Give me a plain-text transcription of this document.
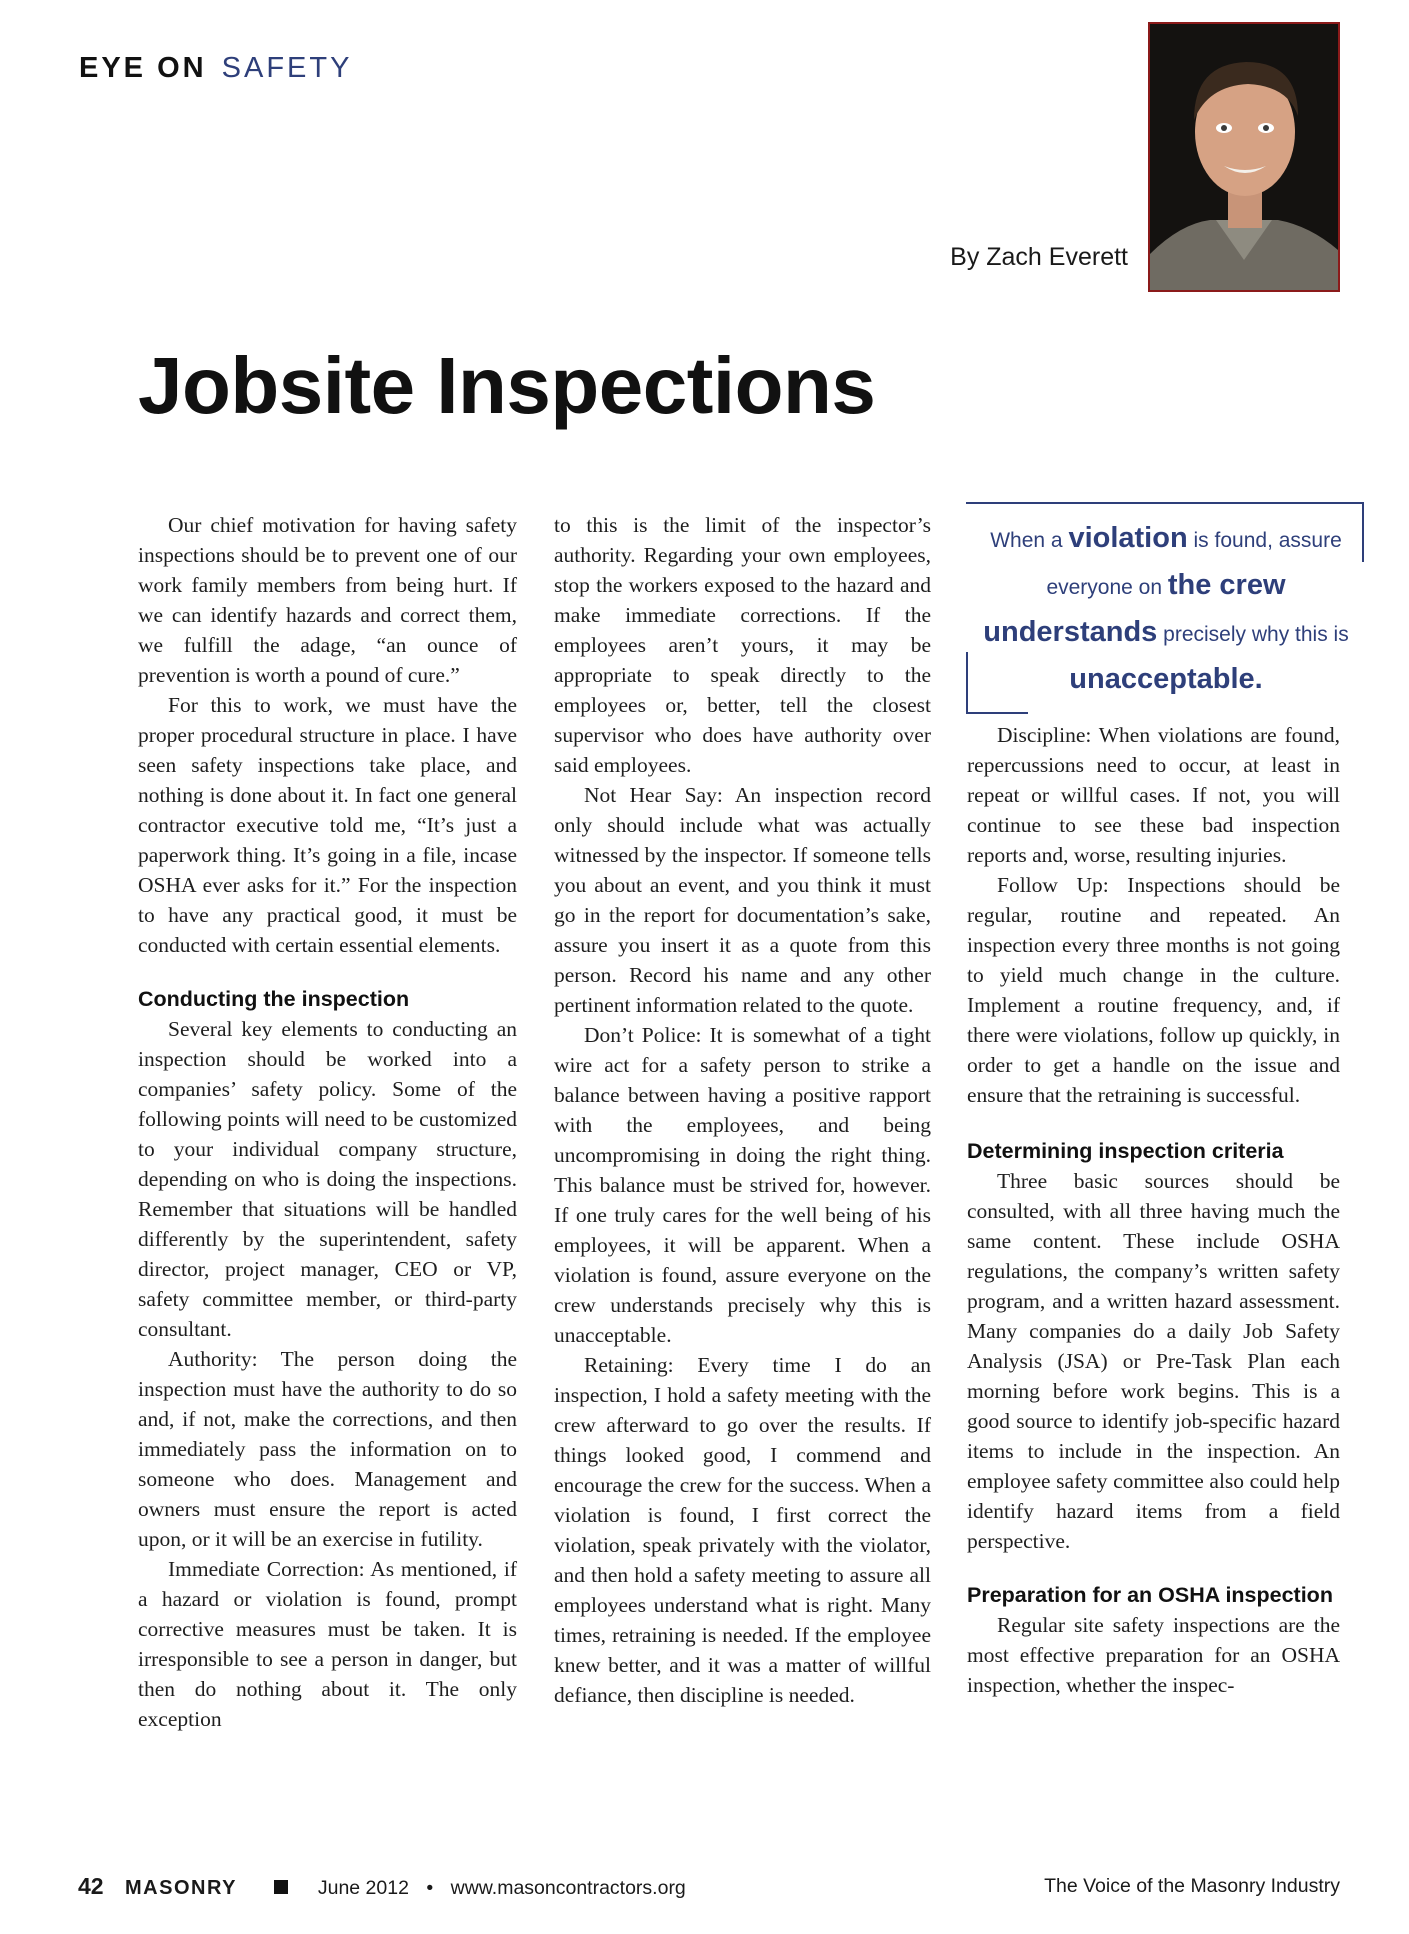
EYE ON SAFETY
By Zach Everett
Jobsite Inspections

Our chief motivation for having safety inspections should be to prevent one of our work family members from being hurt. If we can identify hazards and correct them, we fulfill the adage, “an ounce of prevention is worth a pound of cure.”

For this to work, we must have the proper procedural structure in place. I have seen safety inspections take place, and nothing is done about it. In fact one general contractor executive told me, “It’s just a paperwork thing. It’s going in a file, incase OSHA ever asks for it.” For the inspection to have any practical good, it must be conducted with certain essential elements.

Conducting the inspection

Several key elements to conducting an inspection should be worked into a companies’ safety policy. Some of the following points will need to be customized to your individual company structure, depending on who is doing the inspections. Remember that situations will be handled differently by the superintendent, safety director, project manager, CEO or VP, safety committee member, or third-party consultant.

Authority: The person doing the inspection must have the authority to do so and, if not, make the corrections, and then immediately pass the information on to someone who does. Management and owners must ensure the report is acted upon, or it will be an exercise in futility.

Immediate Correction: As mentioned, if a hazard or violation is found, prompt corrective measures must be taken. It is irresponsible to see a person in danger, but then do nothing about it. The only exception

to this is the limit of the inspector’s authority. Regarding your own employees, stop the workers exposed to the hazard and make immediate corrections. If the employees aren’t yours, it may be appropriate to speak directly to the employees or, better, tell the closest supervisor who does have authority over said employees.

Not Hear Say: An inspection record only should include what was actually witnessed by the inspector. If someone tells you about an event, and you think it must go in the report for documentation’s sake, assure you insert it as a quote from this person. Record his name and any other pertinent information related to the quote.

Don’t Police: It is somewhat of a tight wire act for a safety person to strike a balance between having a positive rapport with the employees, and being uncompromising in doing the right thing. This balance must be strived for, however. If one truly cares for the well being of his employees, it will be apparent. When a violation is found, assure everyone on the crew understands precisely why this is unacceptable.

Retaining: Every time I do an inspection, I hold a safety meeting with the crew afterward to go over the results. If things looked good, I commend and encourage the crew for the success. When a violation is found, I first correct the violation, speak privately with the violator, and then hold a safety meeting to assure all employees understand what is right. Many times, retraining is needed. If the employee knew better, and it was a matter of willful defiance, then discipline is needed.

When a violation is found, assure everyone on the crew understands precisely why this is unacceptable.

Discipline: When violations are found, repercussions need to occur, at least in repeat or willful cases. If not, you will continue to see these bad inspection reports and, worse, resulting injuries.

Follow Up: Inspections should be regular, routine and repeated. An inspection every three months is not going to yield much change in the culture. Implement a routine frequency, and, if there were violations, follow up quickly, in order to get a handle on the issue and ensure that the retraining is successful.

Determining inspection criteria

Three basic sources should be consulted, with all three having much the same content. These include OSHA regulations, the company’s written safety program, and a written hazard assessment. Many companies do a daily Job Safety Analysis (JSA) or Pre-Task Plan each morning before work begins. This is a good source to identify job-specific hazard items to include in the inspection. An employee safety committee also could help identify hazard items from a field perspective.

Preparation for an OSHA inspection

Regular site safety inspections are the most effective preparation for an OSHA inspection, whether the inspec-

42 MASONRY	June 2012 • www.masoncontractors.org	The Voice of the Masonry Industry
